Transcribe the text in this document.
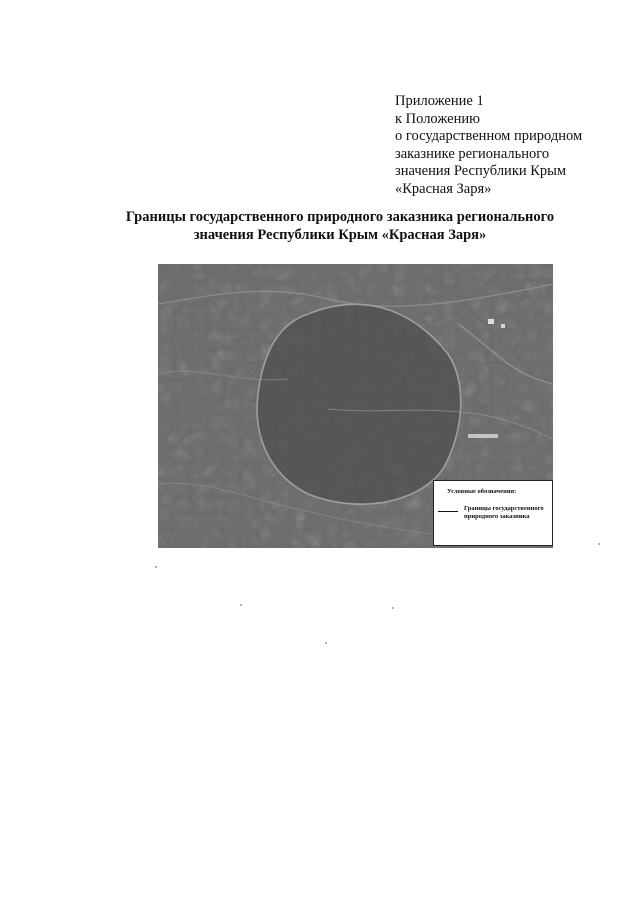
Приложение 1
к Положению
о государственном природном
заказнике регионального
значения Республики Крым
«Красная Заря»
Границы государственного природного заказника регионального
значения Республики Крым «Красная Заря»
Условные обозначения:
Границы государственного природного заказника
